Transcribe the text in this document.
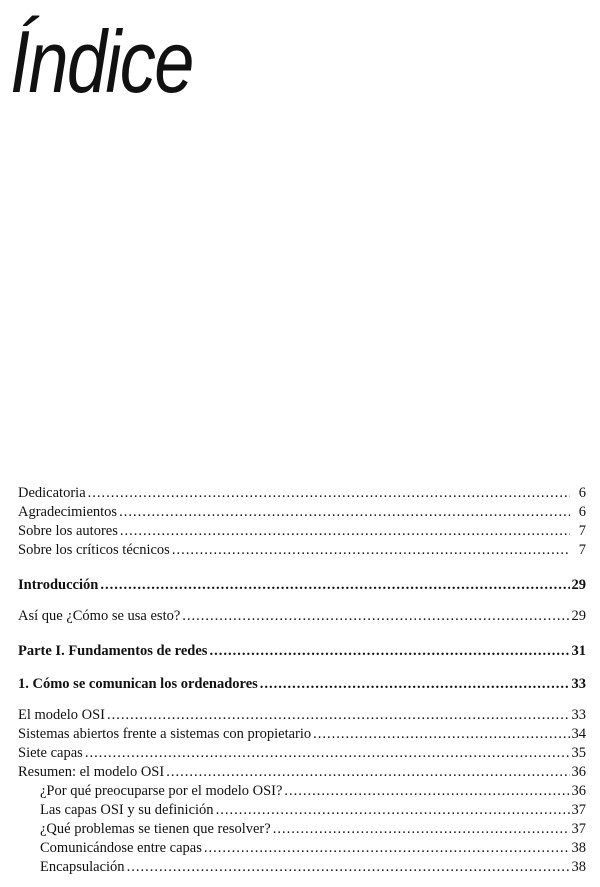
Índice
Dedicatoria .....	6
Agradecimientos .....	6
Sobre los autores .....	7
Sobre los críticos técnicos .....	7
Introducción .....	29
Así que ¿Cómo se usa esto? .....	29
Parte I. Fundamentos de redes .....	31
1. Cómo se comunican los ordenadores .....	33
El modelo OSI .....	33
Sistemas abiertos frente a sistemas con propietario .....	34
Siete capas .....	35
Resumen: el modelo OSI .....	36
¿Por qué preocuparse por el modelo OSI? .....	36
Las capas OSI y su definición .....	37
¿Qué problemas se tienen que resolver? .....	37
Comunicándose entre capas .....	38
Encapsulación .....	38
